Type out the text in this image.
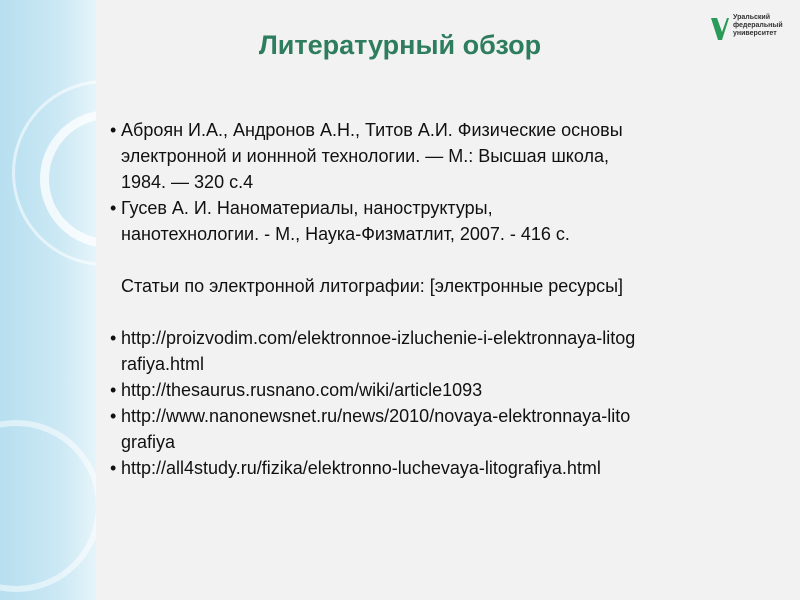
Литературный обзор
Уральский
федеральный
университет
• Аброян И.А., Андронов А.Н., Титов А.И. Физические основы
электронной и ионнной технологии. — М.: Высшая школа,
1984. — 320 с.4
• Гусев А. И. Наноматериалы, наноструктуры,
нанотехнологии. - М., Наука-Физматлит, 2007. - 416 с.
Статьи по электронной литографии: [электронные ресурсы]
• http://proizvodim.com/elektronnoe-izluchenie-i-elektronnaya-litog
rafiya.html
• http://thesaurus.rusnano.com/wiki/article1093
• http://www.nanonewsnet.ru/news/2010/novaya-elektronnaya-lito
grafiya
• http://all4study.ru/fizika/elektronno-luchevaya-litografiya.html
